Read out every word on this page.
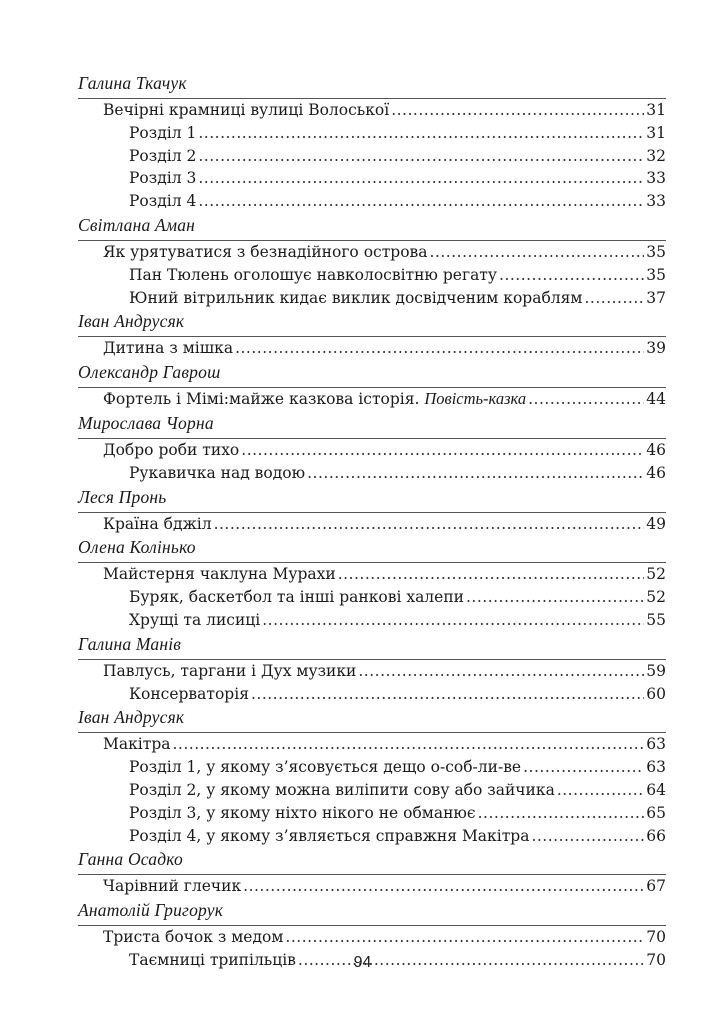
Галина Ткачук
Вечірні крамниці вулиці Волоської .....	31
Розділ 1 .....	31
Розділ 2 .....	32
Розділ 3 .....	33
Розділ 4 .....	33
Світлана Аман
Як урятуватися з безнадійного острова .....	35
Пан Тюлень оголошує навколосвітню регату .....	35
Юний вітрильник кидає виклик досвідченим кораблям .....	37
Іван Андрусяк
Дитина з мішка .....	39
Олександр Гаврош
Фортель і Мімі:майже казкова історія. Повість-казка .....	44
Мирослава Чорна
Добро роби тихо .....	46
Рукавичка над водою .....	46
Леся Пронь
Країна бджіл .....	49
Олена Колінько
Майстерня чаклуна Мурахи .....	52
Буряк, баскетбол та інші ранкові халепи .....	52
Хрущі та лисиці .....	55
Галина Манів
Павлусь, таргани і Дух музики .....	59
Консерваторія .....	60
Іван Андрусяк
Макітра .....	63
Розділ 1, у якому з’ясовується дещо о-соб-ли-ве .....	63
Розділ 2, у якому можна виліпити сову або зайчика .....	64
Розділ 3, у якому ніхто нікого не обманює .....	65
Розділ 4, у якому з’являється справжня Макітра .....	66
Ганна Осадко
Чарівний глечик .....	67
Анатолій Григорук
Триста бочок з медом .....	70
Таємниці трипільців .....	70
94
